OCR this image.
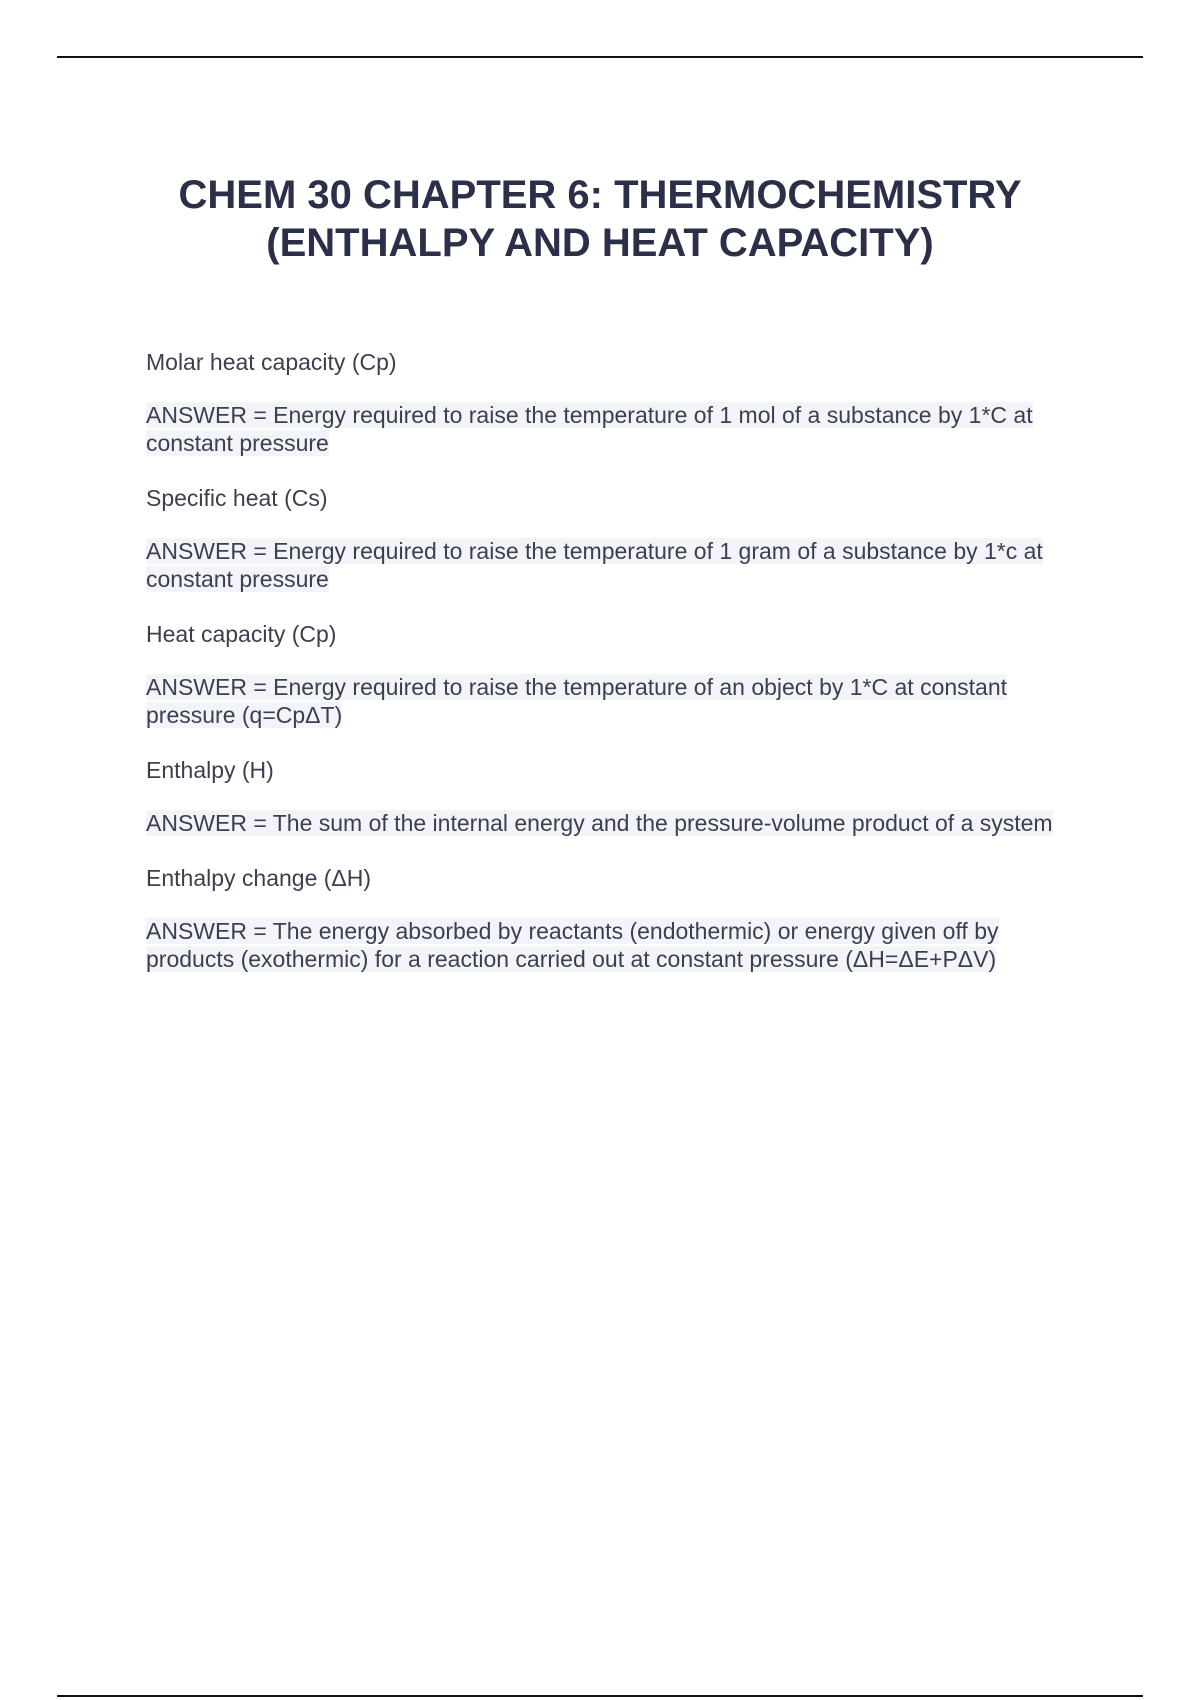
CHEM 30 CHAPTER 6: THERMOCHEMISTRY
(ENTHALPY AND HEAT CAPACITY)
Molar heat capacity (Cp)
ANSWER = Energy required to raise the temperature of 1 mol of a substance by 1*C at constant pressure
Specific heat (Cs)
ANSWER = Energy required to raise the temperature of 1 gram of a substance by 1*c at constant pressure
Heat capacity (Cp)
ANSWER = Energy required to raise the temperature of an object by 1*C at constant pressure (q=CpΔT)
Enthalpy (H)
ANSWER = The sum of the internal energy and the pressure-volume product of a system
Enthalpy change (ΔH)
ANSWER = The energy absorbed by reactants (endothermic) or energy given off by products (exothermic) for a reaction carried out at constant pressure (ΔH=ΔE+PΔV)
